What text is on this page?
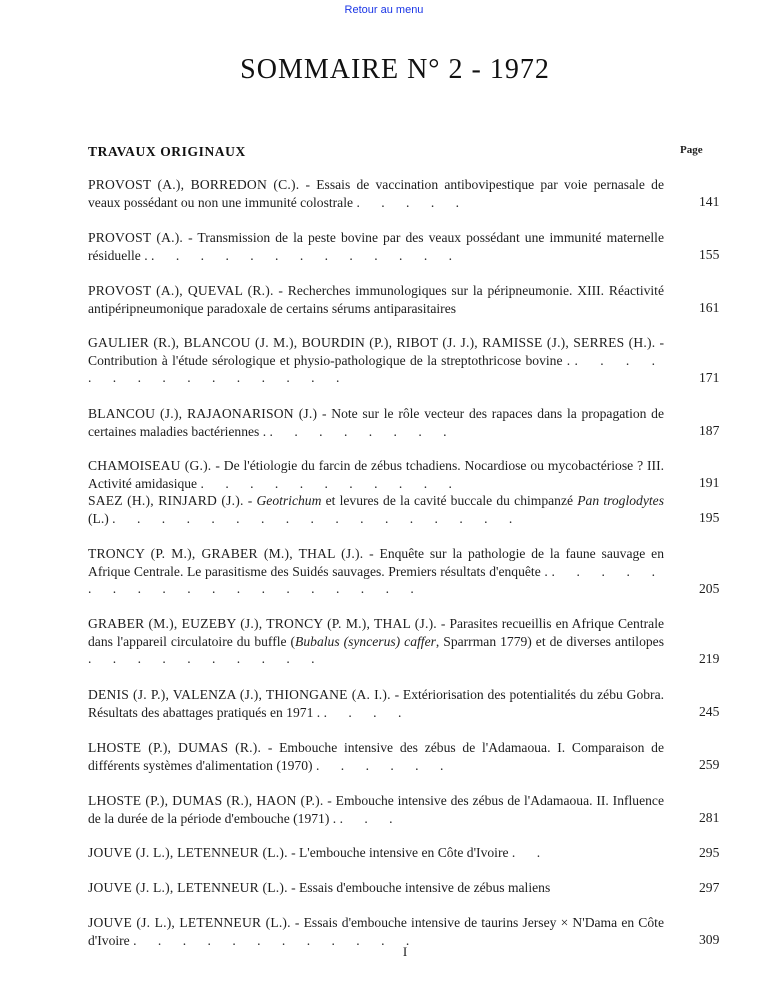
Retour au menu
SOMMAIRE N° 2 - 1972
TRAVAUX ORIGINAUX	Page
PROVOST (A.), BORREDON (C.). - Essais de vaccination antibovipestique par voie pernasale de veaux possédant ou non une immunité colostrale . . . . .	141
PROVOST (A.). - Transmission de la peste bovine par des veaux possédant une immunité maternelle résiduelle . . . . . . . . . . . . . .	155
PROVOST (A.), QUEVAL (R.). - Recherches immunologiques sur la péripneumonie. XIII. Réactivité antipéripneumonique paradoxale de certains sérums antiparasitaires	161
GAULIER (R.), BLANCOU (J. M.), BOURDIN (P.), RIBOT (J. J.), RAMISSE (J.), SERRES (H.). - Contribution à l'étude sérologique et physio-pathologique de la streptothricose bovine . . . . . . . . . . . . . . . .	171
BLANCOU (J.), RAJAONARISON (J.) - Note sur le rôle vecteur des rapaces dans la propagation de certaines maladies bactériennes . . . . . . . . .	187
CHAMOISEAU (G.). - De l'étiologie du farcin de zébus tchadiens. Nocardiose ou mycobactériose ? III. Activité amidasique . . . . . . . . . . .	191
SAEZ (H.), RINJARD (J.). - Geotrichum et levures de la cavité buccale du chimpanzé Pan troglodytes (L.) . . . . . . . . . . . . . . . . .	195
TRONCY (P. M.), GRABER (M.), THAL (J.). - Enquête sur la pathologie de la faune sauvage en Afrique Centrale. Le parasitisme des Suidés sauvages. Premiers résultats d'enquête . . . . . . . . . . . . . . . . . . . .	205
GRABER (M.), EUZEBY (J.), TRONCY (P. M.), THAL (J.). - Parasites recueillis en Afrique Centrale dans l'appareil circulatoire du buffle (Bubalus (syncerus) caffer, Sparrman 1779) et de diverses antilopes . . . . . . . . . .	219
DENIS (J. P.), VALENZA (J.), THIONGANE (A. I.). - Extériorisation des potentialités du zébu Gobra. Résultats des abattages pratiqués en 1971 . . . . .	245
LHOSTE (P.), DUMAS (R.). - Embouche intensive des zébus de l'Adamaoua. I. Comparaison de différents systèmes d'alimentation (1970) . . . . . .	259
LHOSTE (P.), DUMAS (R.), HAON (P.). - Embouche intensive des zébus de l'Adamaoua. II. Influence de la durée de la période d'embouche (1971) . . . .	281
JOUVE (J. L.), LETENNEUR (L.). - L'embouche intensive en Côte d'Ivoire . .	295
JOUVE (J. L.), LETENNEUR (L.). - Essais d'embouche intensive de zébus maliens	297
JOUVE (J. L.), LETENNEUR (L.). - Essais d'embouche intensive de taurins Jersey × N'Dama en Côte d'Ivoire . . . . . . . . . . . .	309
I
